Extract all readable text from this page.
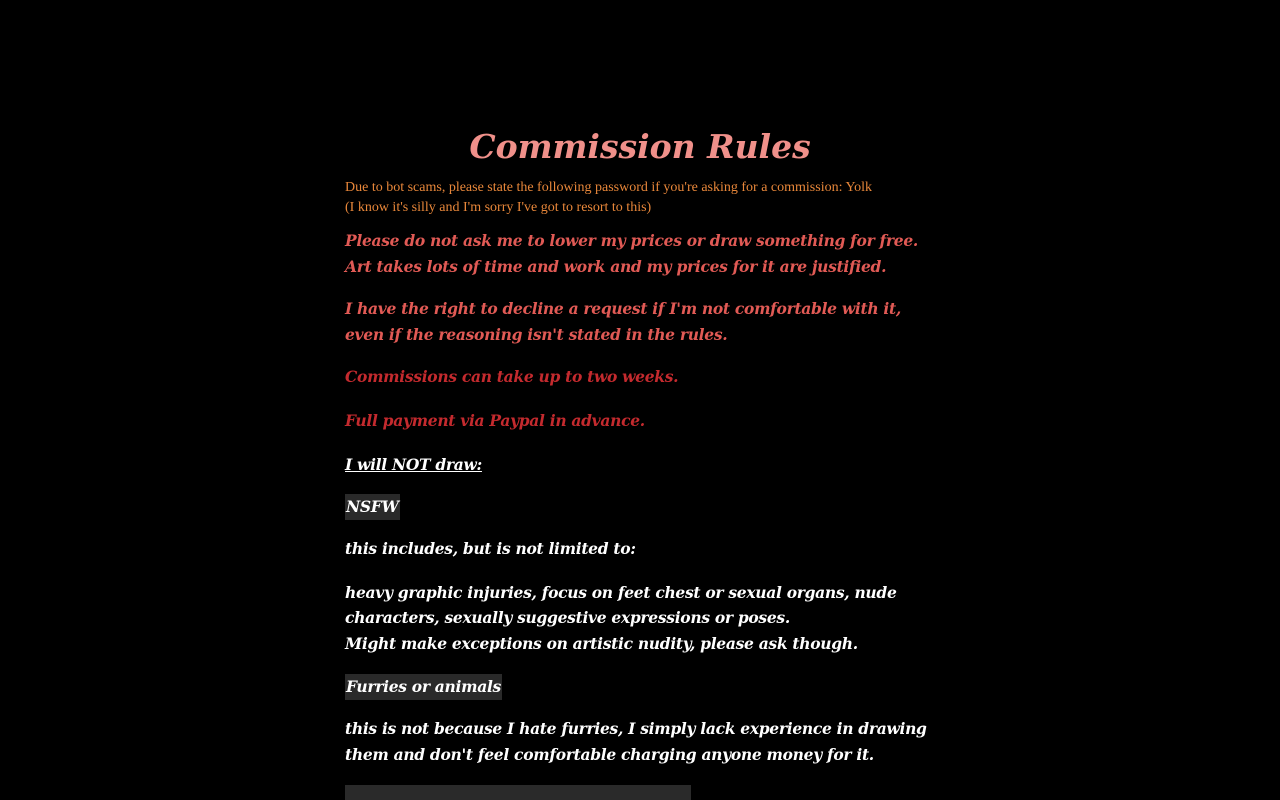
Commission Rules

Due to bot scams, please state the following password if you're asking for a commission: Yolk
(I know it's silly and I'm sorry I've got to resort to this)

Please do not ask me to lower my prices or draw something for free. Art takes lots of time and work and my prices for it are justified.

I have the right to decline a request if I'm not comfortable with it, even if the reasoning isn't stated in the rules.

Commissions can take up to two weeks.

Full payment via Paypal in advance.

I will NOT draw:

NSFW

this includes, but is not limited to:

heavy graphic injuries, focus on feet chest or sexual organs, nude characters, sexually suggestive expressions or poses.
Might make exceptions on artistic nudity, please ask though.

Furries or animals

this is not because I hate furries, I simply lack experience in drawing them and don't feel comfortable charging anyone money for it.
